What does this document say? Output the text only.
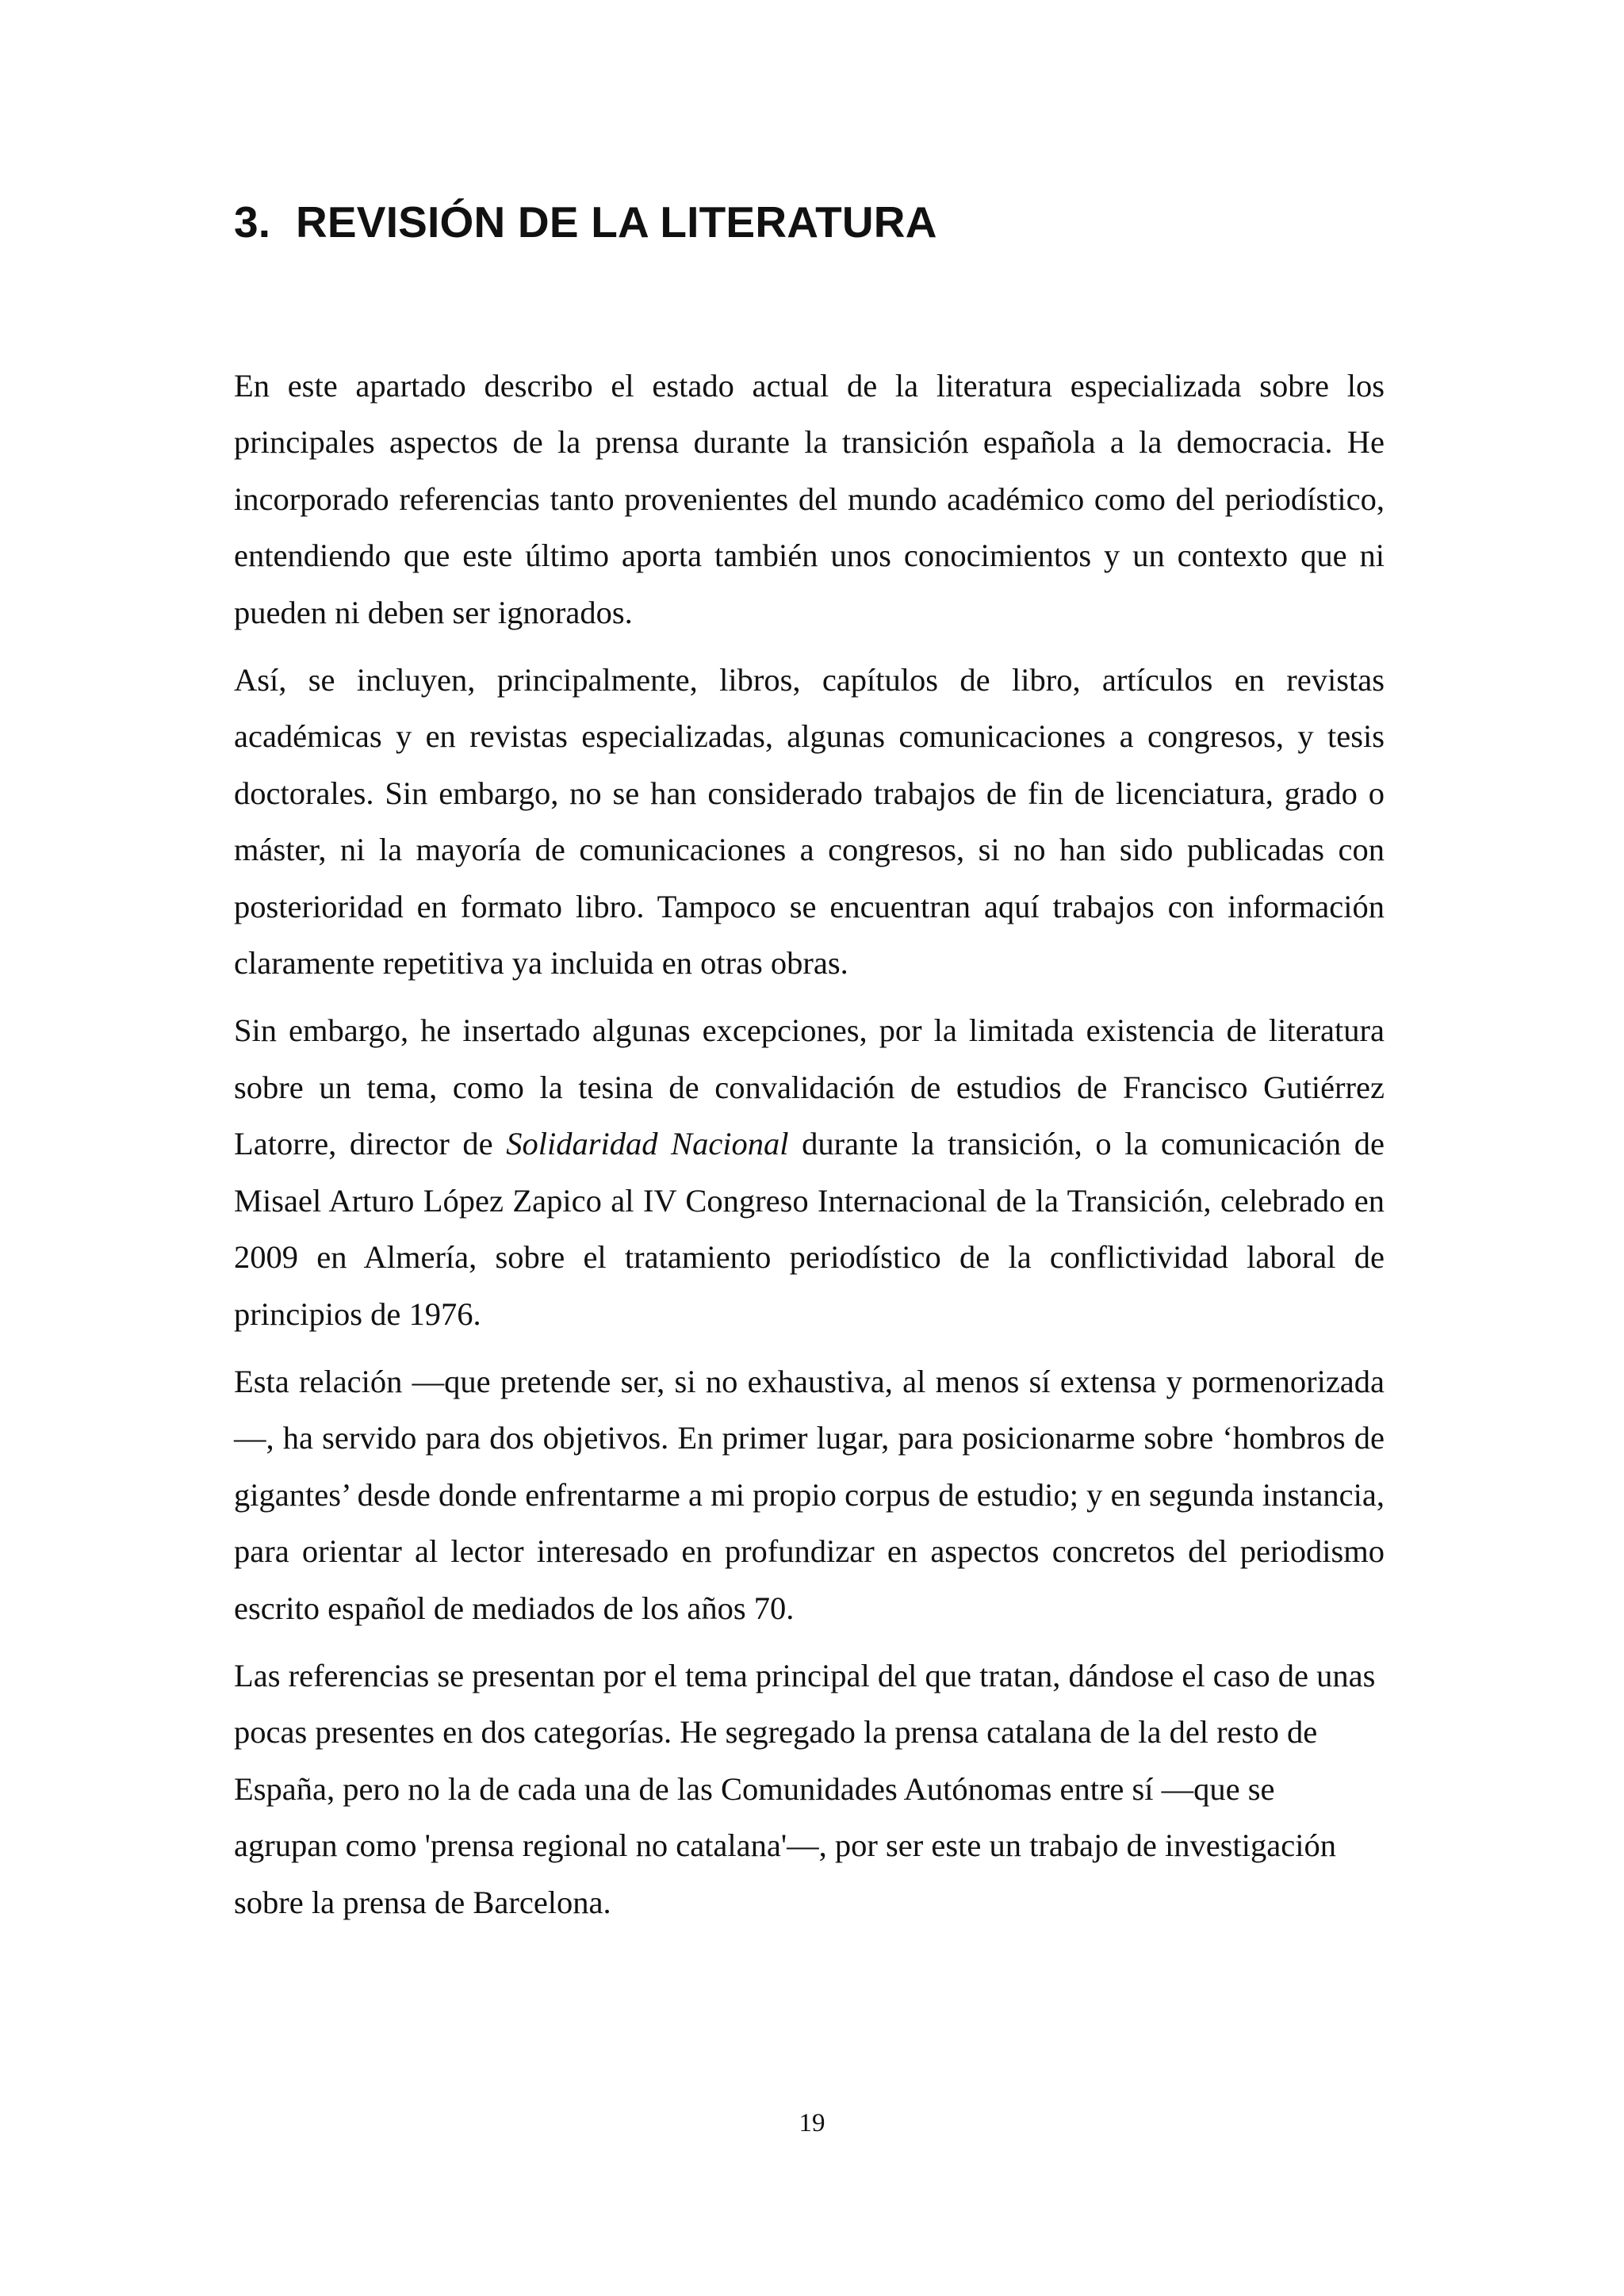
3. REVISIÓN DE LA LITERATURA

En este apartado describo el estado actual de la literatura especializada sobre los principales aspectos de la prensa durante la transición española a la democracia. He incorporado referencias tanto provenientes del mundo académico como del periodístico, entendiendo que este último aporta también unos conocimientos y un contexto que ni pueden ni deben ser ignorados.

Así, se incluyen, principalmente, libros, capítulos de libro, artículos en revistas académicas y en revistas especializadas, algunas comunicaciones a congresos, y tesis doctorales. Sin embargo, no se han considerado trabajos de fin de licenciatura, grado o máster, ni la mayoría de comunicaciones a congresos, si no han sido publicadas con posterioridad en formato libro. Tampoco se encuentran aquí trabajos con información claramente repetitiva ya incluida en otras obras.

Sin embargo, he insertado algunas excepciones, por la limitada existencia de literatura sobre un tema, como la tesina de convalidación de estudios de Francisco Gutiérrez Latorre, director de Solidaridad Nacional durante la transición, o la comunicación de Misael Arturo López Zapico al IV Congreso Internacional de la Transición, celebrado en 2009 en Almería, sobre el tratamiento periodístico de la conflictividad laboral de principios de 1976.

Esta relación —que pretende ser, si no exhaustiva, al menos sí extensa y pormenorizada—, ha servido para dos objetivos. En primer lugar, para posicionarme sobre ‘hombros de gigantes’ desde donde enfrentarme a mi propio corpus de estudio; y en segunda instancia, para orientar al lector interesado en profundizar en aspectos concretos del periodismo escrito español de mediados de los años 70.

Las referencias se presentan por el tema principal del que tratan, dándose el caso de unas pocas presentes en dos categorías. He segregado la prensa catalana de la del resto de España, pero no la de cada una de las Comunidades Autónomas entre sí —que se agrupan como 'prensa regional no catalana'—, por ser este un trabajo de investigación sobre la prensa de Barcelona.

19
